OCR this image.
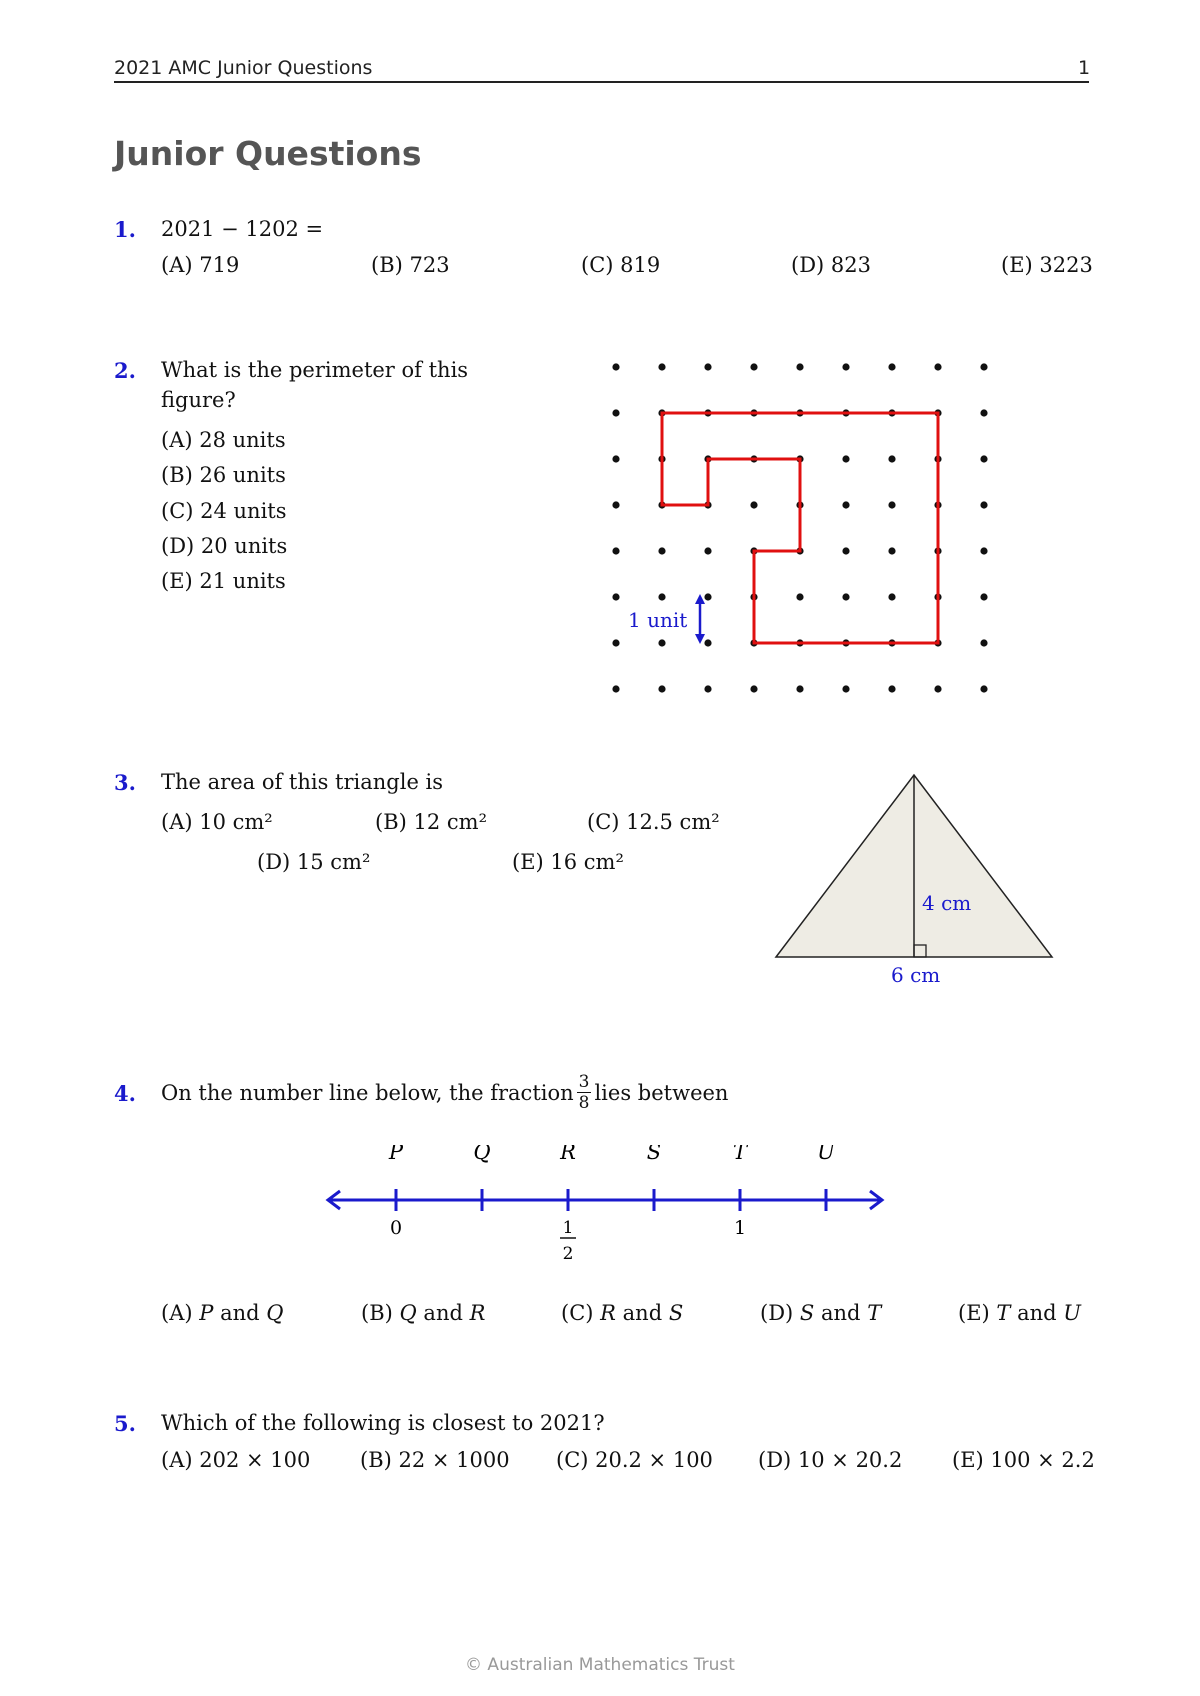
2021 AMC Junior Questions	1
Junior Questions
1. 2021 − 1202 =
(A) 719	(B) 723	(C) 819	(D) 823	(E) 3223
2. What is the perimeter of this
figure?
(A) 28 units
(B) 26 units
(C) 24 units
(D) 20 units
(E) 21 units
1 unit
3. The area of this triangle is
(A) 10 cm²	(B) 12 cm²	(C) 12.5 cm²
(D) 15 cm²	(E) 16 cm²
4 cm
6 cm
4. On the number line below, the fraction $\frac{3}{8}$ lies between
P	Q	R	S	T	U
0	1
1
2
(A) P and Q	(B) Q and R	(C) R and S	(D) S and T	(E) T and U
5. Which of the following is closest to 2021?
(A) 202 × 100 (B) 22 × 1000 (C) 20.2 × 100 (D) 10 × 20.2 (E) 100 × 2.2
© Australian Mathematics Trust
